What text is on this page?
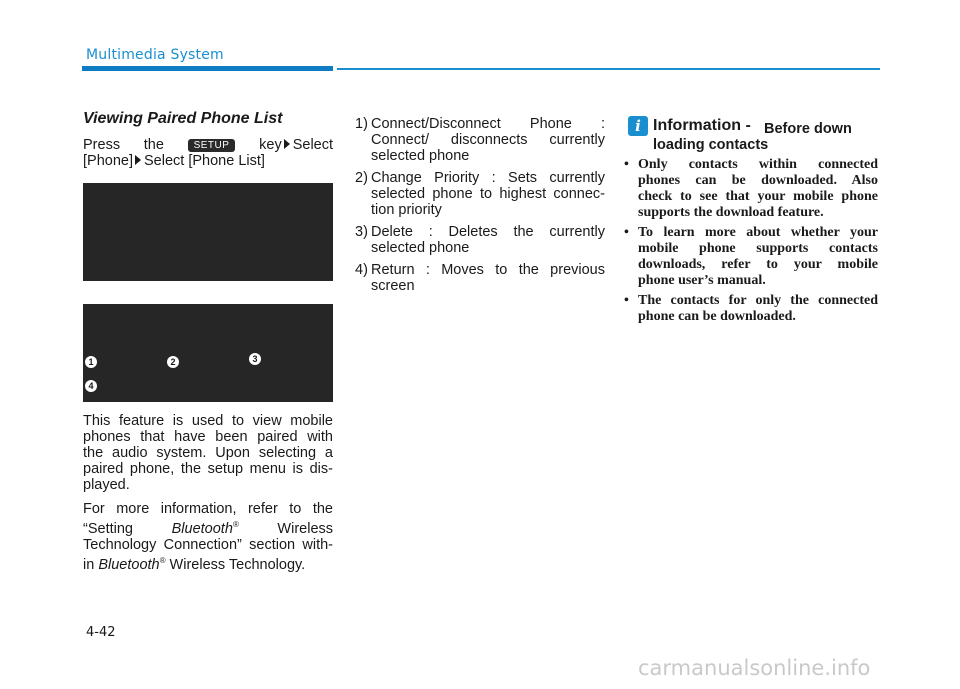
Multimedia System
Viewing Paired Phone List
Press the	SETUP key Select
[Phone] Select [Phone List]
1	2	3
4
This feature is used to view mobile
phones that have been paired with
the audio system. Upon selecting a
paired phone, the setup menu is dis-
played.
For more information, refer to the
“Setting	Bluetooth®	Wireless
Technology Connection” section with-
in Bluetooth® Wireless Technology.
1) Connect/Disconnect Phone :
Connect/ disconnects currently
selected phone
2) Change Priority : Sets currently
selected phone to highest connec-
tion priority
3) Delete : Deletes the currently
selected phone
4) Return : Moves to the previous
screen
i Information - Before down
loading contacts
• Only contacts within connected
phones can be downloaded. Also
check to see that your mobile phone
supports the download feature.
• To learn more about whether your
mobile phone supports contacts
downloads, refer to your mobile
phone user’s manual.
• The contacts for only the connected
phone can be downloaded.
4-42
carmanualsonline.info
